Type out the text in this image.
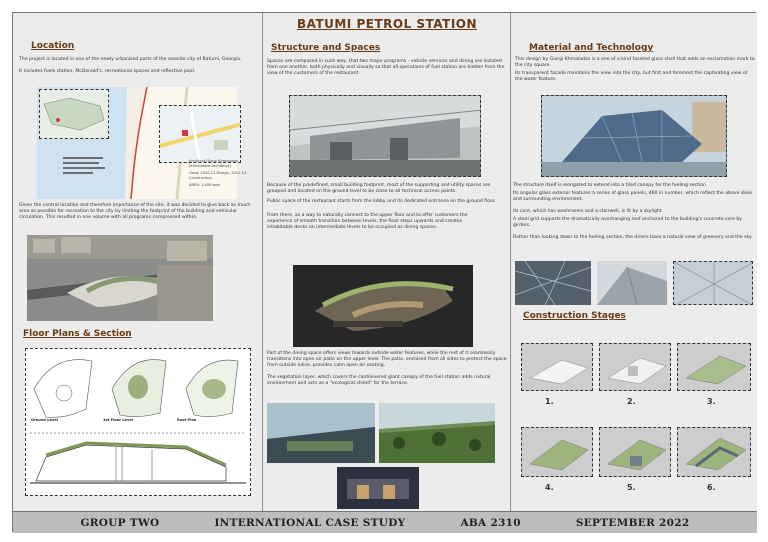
Location
The project is located in one of the newly urbanized parts of the seaside city of Batumi, Georgia.
It includes fuels station, McDonald's, recreational spaces and reflective pool.
Architect:Giorgi Khmaladze (Khmaladze Architects)
Used: 2010-11 Design, 2012-13 Construction
AREA: 1,600 sqm
Given the central location and therefore importance of the site, it was decided to give back as much area as possible for recreation to the city by limiting the footprint of the building and vehicular circulation. This resulted in one volume with all programs compressed within.
Floor Plans & Section
Ground Level	1st Floor Level	Roof Plan
BATUMI PETROL STATION
Structure and Spaces
Spaces are composed in such way, that two major programs - vehicle services and dining are isolated from one another, both physically and visually so that all operations of fuel station are hidden from the view of the customers of the restaurant.
Because of the predefined, small building footprint, most of the supporting and utility spaces are grouped and located on the ground level to be close to all technical access points.
Public space of the restaurant starts from the lobby and its dedicated entrance on the ground floor.
From there, as a way to naturally connect to the upper floor and to offer customers the experience of smooth transition between levels, the floor steps upwards and creates inhabitable decks on intermediate levels to be occupied as dining spaces.
Part of the dining space offers views towards outside water features, while the rest of it seamlessly transitions into open air patio on the upper level. The patio, enclosed from all sides to protect the space from outside noise, provides calm open air seating.
The vegetation layer, which covers the cantilevered giant canopy of the fuel station adds natural environment and acts as a "ecological shield" for the terrace.
Material and Technology
This design by Giorgi Khmaladze is a one of a kind faceted glass shell that adds an exclamation mark to the city square.
Its transparent facade maintains the view into the city, but first and foremost the captivating view of the water feature.
The structure itself is elongated to extend into a tiled canopy for the fueling section
Its angular glass exterior features a series of glass panels, 460 in number, which reflect the above skies and surrounding environment.
Its core, which has washrooms and a stairwell, is lit by a skylight.
A steel grid supports the dramatically overhanging roof anchored to the building's concrete core by girders.
Rather than looking down to the fueling section, the diners have a natural view of greenery and the sky.
Construction Stages
1.	2.	3.
4.	5.	6.
GROUP TWO	INTERNATIONAL CASE STUDY	ABA 2310	SEPTEMBER 2022
